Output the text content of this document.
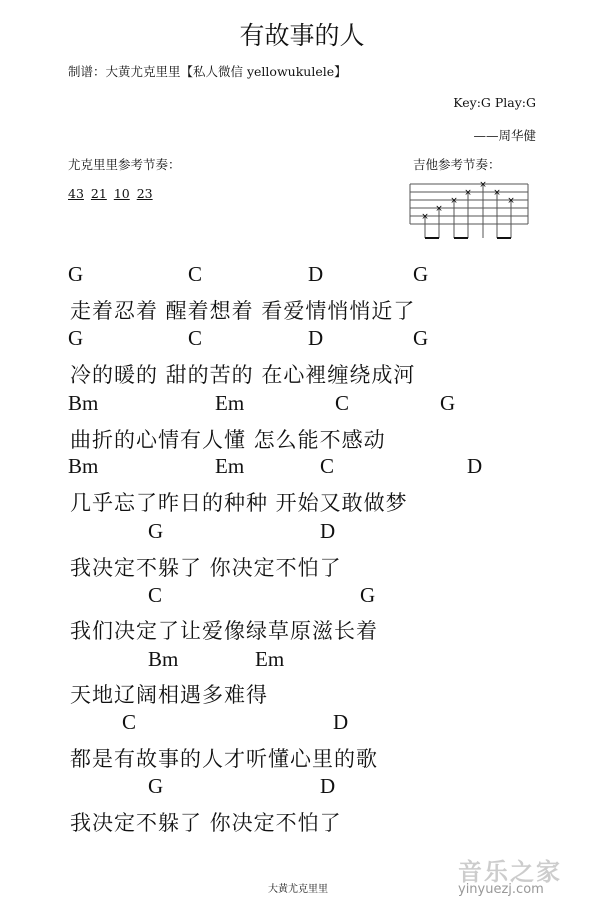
有故事的人
制谱：大黄尤克里里【私人微信 yellowukulele】
Key:G Play:G
——周华健
尤克里里参考节奏：
43 21 10 23
吉他参考节奏：
×
×
×
×
×
×
×
G	C	D	G
走着忍着 醒着想着 看爱情悄悄近了
G	C	D	G
冷的暖的 甜的苦的 在心裡缠绕成河
Bm	Em	C	G
曲折的心情有人懂 怎么能不感动
Bm	Em	C	D
几乎忘了昨日的种种 开始又敢做梦
G	D
我决定不躲了 你决定不怕了
C	G
我们决定了让爱像绿草原滋长着
Bm	Em
天地辽阔相遇多难得
C	D
都是有故事的人才听懂心里的歌
G	D
我决定不躲了 你决定不怕了
大黄尤克里里
音乐之家
yinyuezj.com
